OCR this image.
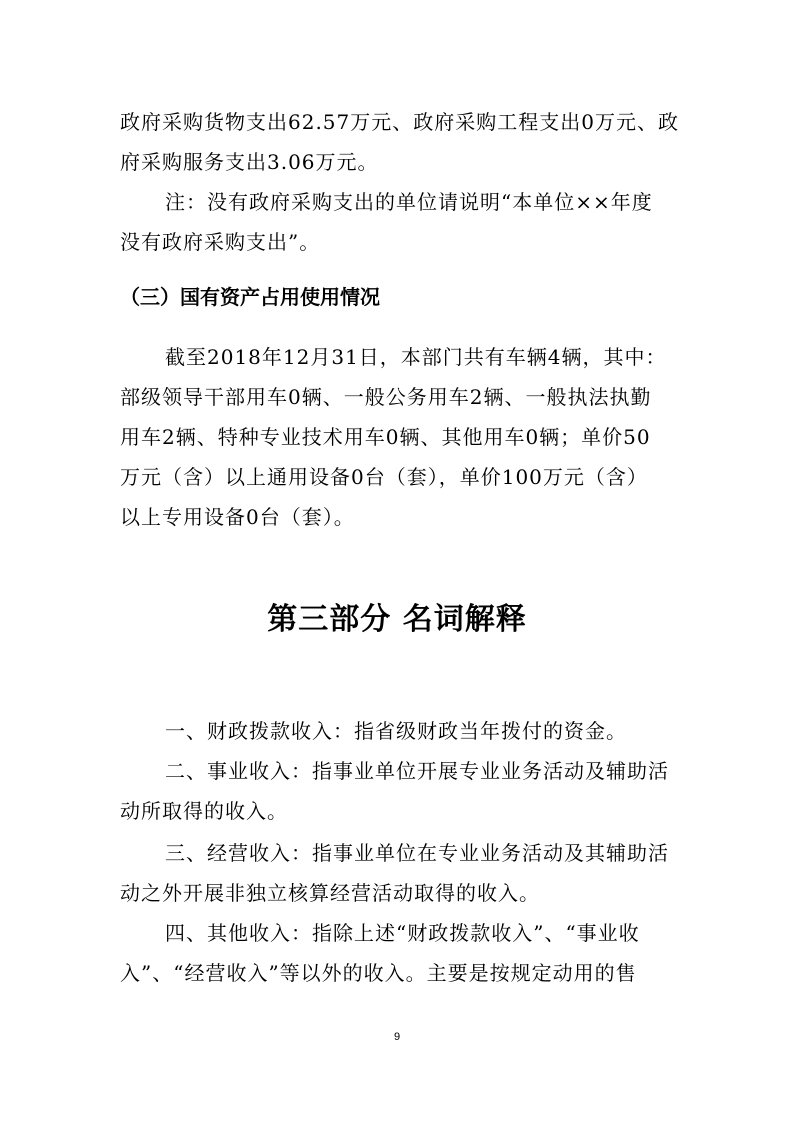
政府采购货物支出62.57万元、政府采购工程支出0万元、政
府采购服务支出3.06万元。
注：没有政府采购支出的单位请说明“本单位××年度
没有政府采购支出”。
（三）国有资产占用使用情况
截至2018年12月31日，本部门共有车辆4辆，其中：
部级领导干部用车0辆、一般公务用车2辆、一般执法执勤
用车2辆、特种专业技术用车0辆、其他用车0辆；单价50
万元（含）以上通用设备0台（套），单价100万元（含）
以上专用设备0台（套）。
第三部分 名词解释
一、财政拨款收入：指省级财政当年拨付的资金。
二、事业收入：指事业单位开展专业业务活动及辅助活
动所取得的收入。
三、经营收入：指事业单位在专业业务活动及其辅助活
动之外开展非独立核算经营活动取得的收入。
四、其他收入：指除上述“财政拨款收入”、“事业收
入”、“经营收入”等以外的收入。主要是按规定动用的售
9
